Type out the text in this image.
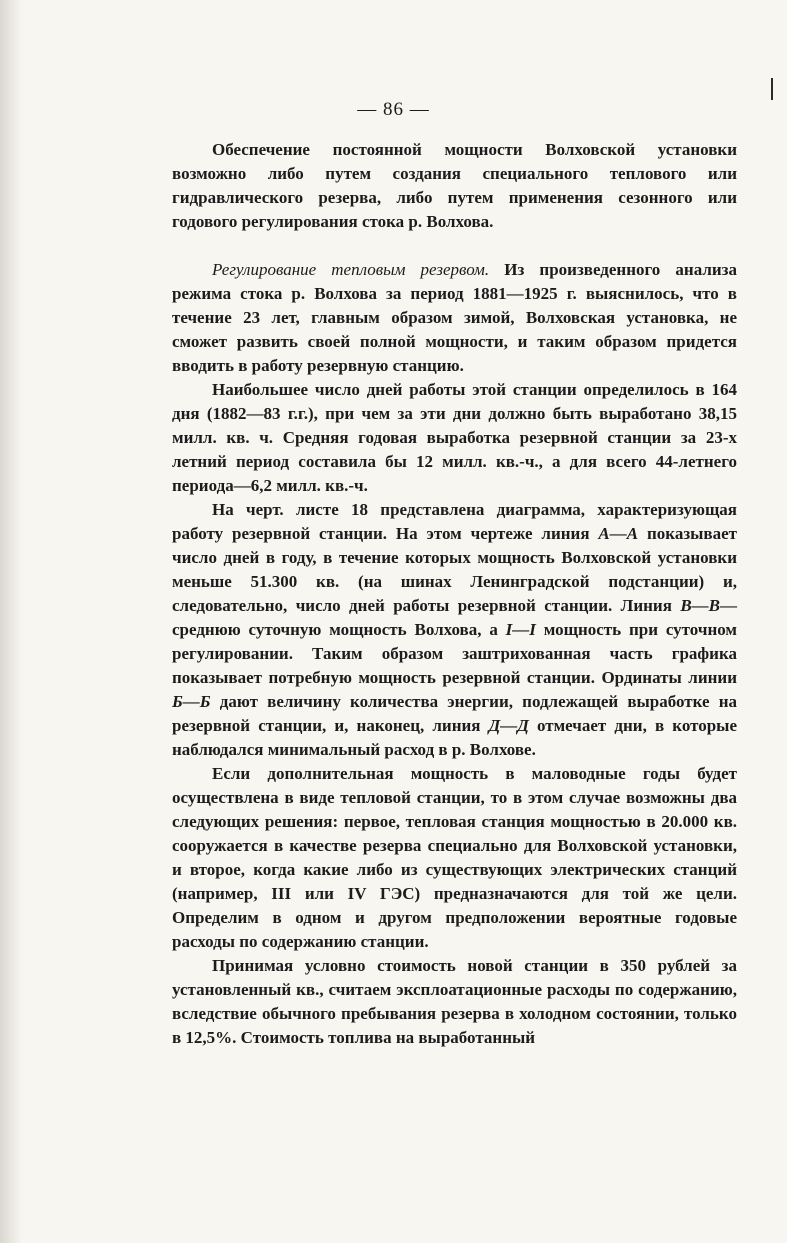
— 86 —

Обеспечение постоянной мощности Волховской установки возможно либо путем создания специального теплового или гидравлического резерва, либо путем применения сезонного или годового регулирования стока р. Волхова.

Регулирование тепловым резервом. Из произведенного анализа режима стока р. Волхова за период 1881—1925 г. выяснилось, что в течение 23 лет, главным образом зимой, Волховская установка, не сможет развить своей полной мощности, и таким образом придется вводить в работу резервную станцию.

Наибольшее число дней работы этой станции определилось в 164 дня (1882—83 г.г.), при чем за эти дни должно быть выработано 38,15 милл. кв. ч. Средняя годовая выработка резервной станции за 23-х летний период составила бы 12 милл. кв.-ч., а для всего 44-летнего периода—6,2 милл. кв.-ч.

На черт. листе 18 представлена диаграмма, характеризующая работу резервной станции. На этом чертеже линия А—А показывает число дней в году, в течение которых мощность Волховской установки меньше 51.300 кв. (на шинах Ленинградской подстанции) и, следовательно, число дней работы резервной станции. Линия В—В—среднюю суточную мощность Волхова, а I—I мощность при суточном регулировании. Таким образом заштрихованная часть графика показывает потребную мощность резервной станции. Ординаты линии Б—Б дают величину количества энергии, подлежащей выработке на резервной станции, и, наконец, линия Д—Д отмечает дни, в которые наблюдался минимальный расход в р. Волхове.

Если дополнительная мощность в маловодные годы будет осуществлена в виде тепловой станции, то в этом случае возможны два следующих решения: первое, тепловая станция мощностью в 20.000 кв. сооружается в качестве резерва специально для Волховской установки, и второе, когда какие либо из существующих электрических станций (например, III или IV ГЭС) предназначаются для той же цели. Определим в одном и другом предположении вероятные годовые расходы по содержанию станции.

Принимая условно стоимость новой станции в 350 рублей за установленный кв., считаем эксплоатационные расходы по содержанию, вследствие обычного пребывания резерва в холодном состоянии, только в 12,5%. Стоимость топлива на выработанный
